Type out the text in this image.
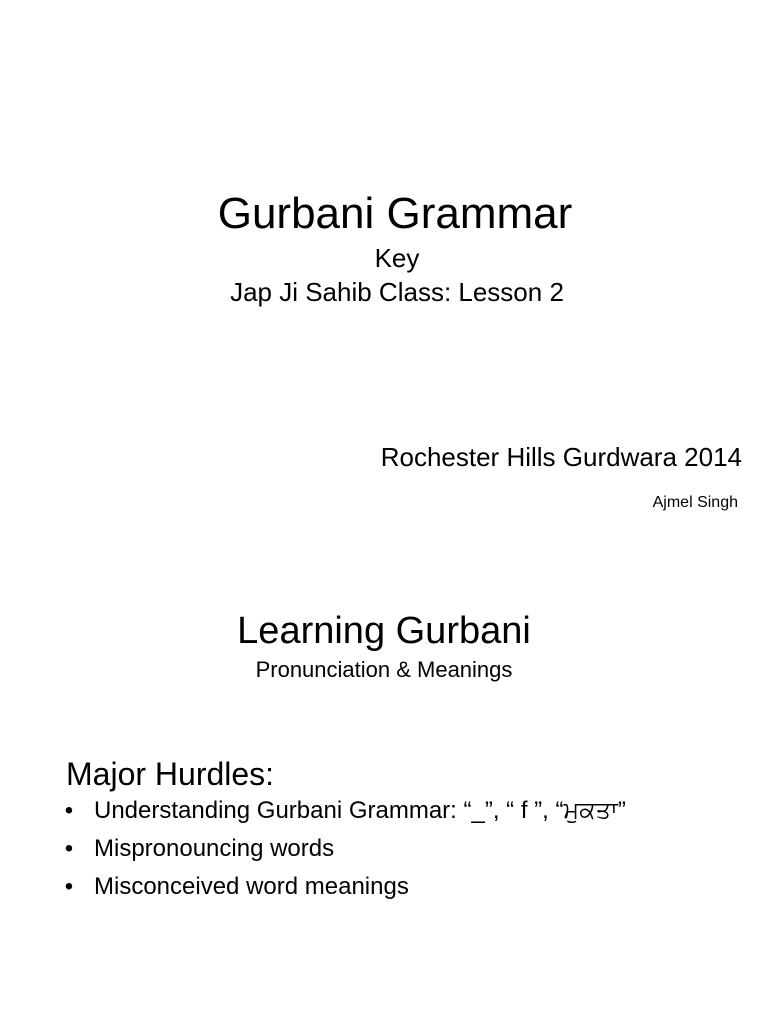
Gurbani Grammar
Key
Jap Ji Sahib Class: Lesson 2
Rochester Hills Gurdwara 2014
Ajmel Singh
Learning Gurbani
Pronunciation & Meanings
Major Hurdles:
• Understanding Gurbani Grammar: “_”, “ f ”, “ਮੁਕਤਾ”
• Mispronouncing words
• Misconceived word meanings
